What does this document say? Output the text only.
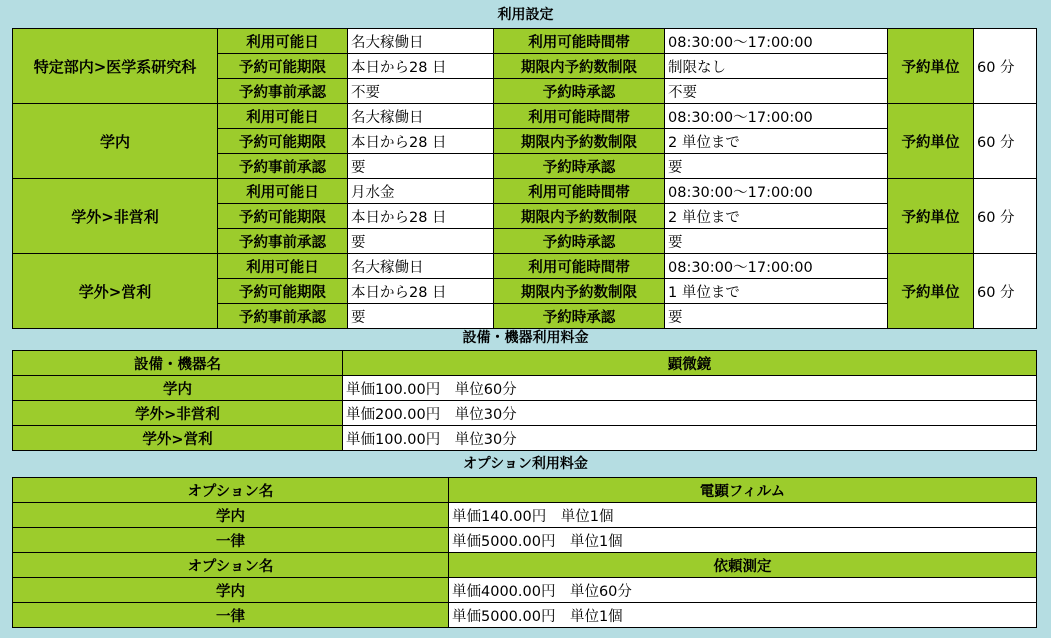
利用設定
特定部内>医学系研究科	利用可能日	名大稼働日	利用可能時間帯	08:30:00〜17:00:00	予約単位	60 分
	予約可能期限	本日から28 日	期限内予約数制限	制限なし		
	予約事前承認	不要	予約時承認	不要		
学内	利用可能日	名大稼働日	利用可能時間帯	08:30:00〜17:00:00	予約単位	60 分
	予約可能期限	本日から28 日	期限内予約数制限	2 単位まで		
	予約事前承認	要	予約時承認	要		
学外>非営利	利用可能日	月水金	利用可能時間帯	08:30:00〜17:00:00	予約単位	60 分
	予約可能期限	本日から28 日	期限内予約数制限	2 単位まで		
	予約事前承認	要	予約時承認	要		
学外>営利	利用可能日	名大稼働日	利用可能時間帯	08:30:00〜17:00:00	予約単位	60 分
	予約可能期限	本日から28 日	期限内予約数制限	1 単位まで		
	予約事前承認	要	予約時承認	要		
設備・機器利用料金
設備・機器名	顕微鏡
学内	単価100.00円　単位60分
学外>非営利	単価200.00円　単位30分
学外>営利	単価100.00円　単位30分
オプション利用料金
オプション名	電顕フィルム
学内	単価140.00円　単位1個
一律	単価5000.00円　単位1個
オプション名	依頼測定
学内	単価4000.00円　単位60分
一律	単価5000.00円　単位1個
